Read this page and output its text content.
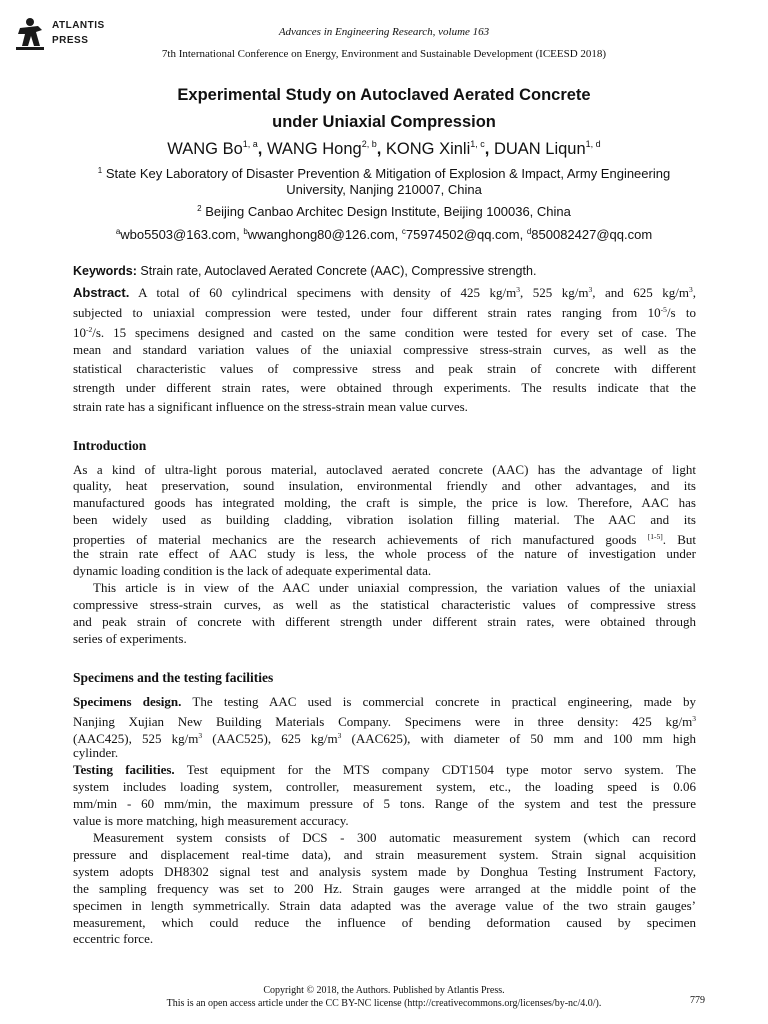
ATLANTIS
PRESS
Advances in Engineering Research, volume 163
7th International Conference on Energy, Environment and Sustainable Development (ICEESD 2018)
Experimental Study on Autoclaved Aerated Concrete
under Uniaxial Compression
WANG Bo$^{1, a}$, WANG Hong$^{2, b}$, KONG Xinli$^{1, c}$, DUAN Liqun$^{1, d}$
$^1$ State Key Laboratory of Disaster Prevention & Mitigation of Explosion & Impact, Army Engineering
University, Nanjing 210007, China
$^2$ Beijing Canbao Architec Design Institute, Beijing 100036, China
$^a$wbo5503@163.com, $^b$wwanghong80@126.com, $^c$75974502@qq.com, $^d$850082427@qq.com
Keywords: Strain rate, Autoclaved Aerated Concrete (AAC), Compressive strength.
Abstract. A total of 60 cylindrical specimens with density of 425 $kg/m^3$, 525 $kg/m^3$, and 625 $kg/m^3$,
subjected to uniaxial compression were tested, under four different strain rates ranging from $10^{-5}/s$ to
$10^{-2}/s$. 15 specimens designed and casted on the same condition were tested for every set of case. The
mean and standard variation values of the uniaxial compressive stress-strain curves, as well as the
statistical characteristic values of compressive stress and peak strain of concrete with different
strength under different strain rates, were obtained through experiments. The results indicate that the
strain rate has a significant influence on the stress-strain mean value curves.
Introduction
As a kind of ultra-light porous material, autoclaved aerated concrete (AAC) has the advantage of light
quality, heat preservation, sound insulation, environmental friendly and other advantages, and its
manufactured goods has integrated molding, the craft is simple, the price is low. Therefore, AAC has
been widely used as building cladding, vibration isolation filling material. The AAC and its
properties of material mechanics are the research achievements of rich manufactured goods [1-5]. But
the strain rate effect of AAC study is less, the whole process of the nature of investigation under
dynamic loading condition is the lack of adequate experimental data.
This article is in view of the AAC under uniaxial compression, the variation values of the uniaxial
compressive stress-strain curves, as well as the statistical characteristic values of compressive stress
and peak strain of concrete with different strength under different strain rates, were obtained through
series of experiments.
Specimens and the testing facilities
Specimens design. The testing AAC used is commercial concrete in practical engineering, made by
Nanjing Xujian New Building Materials Company. Specimens were in three density: 425 $kg/m^3$
(AAC425), 525 $kg/m^3$ (AAC525), 625 $kg/m^3$ (AAC625), with diameter of 50 mm and 100 mm high
cylinder.
Testing facilities. Test equipment for the MTS company CDT1504 type motor servo system. The
system includes loading system, controller, measurement system, etc., the loading speed is 0.06
mm/min - 60 mm/min, the maximum pressure of 5 tons. Range of the system and test the pressure
value is more matching, high measurement accuracy.
Measurement system consists of DCS - 300 automatic measurement system (which can record
pressure and displacement real-time data), and strain measurement system. Strain signal acquisition
system adopts DH8302 signal test and analysis system made by Donghua Testing Instrument Factory,
the sampling frequency was set to 200 Hz. Strain gauges were arranged at the middle point of the
specimen in length symmetrically. Strain data adapted was the average value of the two strain gauges’
measurement, which could reduce the influence of bending deformation caused by specimen
eccentric force.
Copyright © 2018, the Authors. Published by Atlantis Press.
This is an open access article under the CC BY-NC license (http://creativecommons.org/licenses/by-nc/4.0/).	779
